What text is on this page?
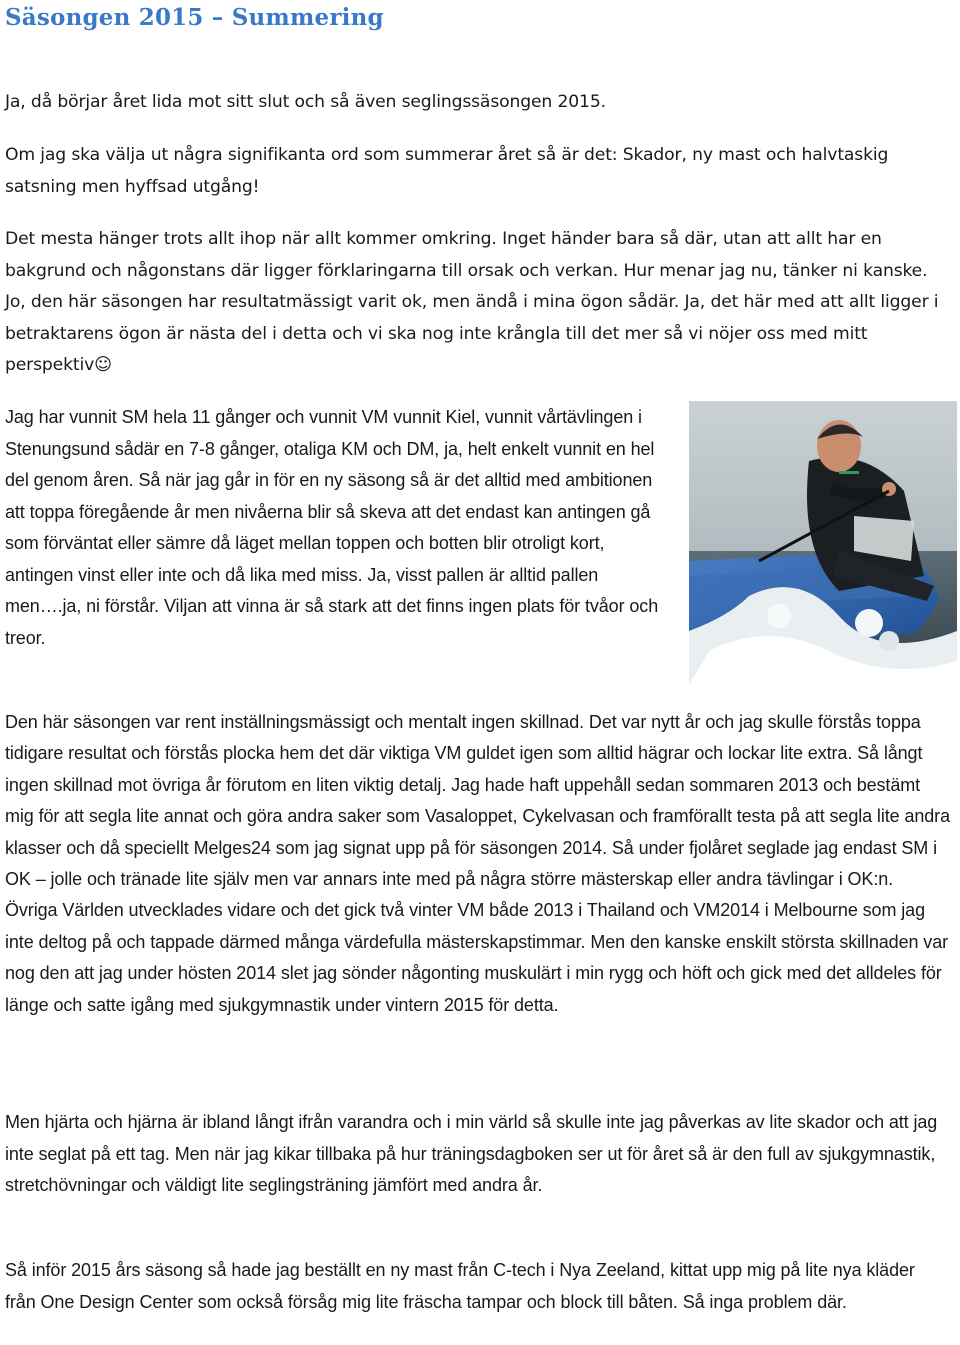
Säsongen 2015 – Summering

Ja, då börjar året lida mot sitt slut och så även seglingssäsongen 2015.

Om jag ska välja ut några signifikanta ord som summerar året så är det: Skador, ny mast och halvtaskig satsning men hyffsad utgång!

Det mesta hänger trots allt ihop när allt kommer omkring. Inget händer bara så där, utan att allt har en bakgrund och någonstans där ligger förklaringarna till orsak och verkan. Hur menar jag nu, tänker ni kanske. Jo, den här säsongen har resultatmässigt varit ok, men ändå i mina ögon sådär. Ja, det här med att allt ligger i betraktarens ögon är nästa del i detta och vi ska nog inte krångla till det mer så vi nöjer oss med mitt perspektiv☺

Jag har vunnit SM hela 11 gånger och vunnit VM vunnit Kiel, vunnit vårtävlingen i Stenungsund sådär en 7-8 gånger, otaliga KM och DM, ja, helt enkelt vunnit en hel del genom åren. Så när jag går in för en ny säsong så är det alltid med ambitionen att toppa föregående år men nivåerna blir så skeva att det endast kan antingen gå som förväntat eller sämre då läget mellan toppen och botten blir otroligt kort, antingen vinst eller inte och då lika med miss. Ja, visst pallen är alltid pallen men….ja, ni förstår. Viljan att vinna är så stark att det finns ingen plats för tvåor och treor.

Den här säsongen var rent inställningsmässigt och mentalt ingen skillnad. Det var nytt år och jag skulle förstås toppa tidigare resultat och förstås plocka hem det där viktiga VM guldet igen som alltid hägrar och lockar lite extra. Så långt ingen skillnad mot övriga år förutom en liten viktig detalj. Jag hade haft uppehåll sedan sommaren 2013 och bestämt mig för att segla lite annat och göra andra saker som Vasaloppet, Cykelvasan och framförallt testa på att segla lite andra klasser och då speciellt Melges24 som jag signat upp på för säsongen 2014. Så under fjolåret seglade jag endast SM i OK – jolle och tränade lite själv men var annars inte med på några större mästerskap eller andra tävlingar i OK:n. Övriga Världen utvecklades vidare och det gick två vinter VM både 2013 i Thailand och VM2014 i Melbourne som jag inte deltog på och tappade därmed många värdefulla mästerskapstimmar. Men den kanske enskilt största skillnaden var nog den att jag under hösten 2014 slet jag sönder någonting muskulärt i min rygg och höft och gick med det alldeles för länge och satte igång med sjukgymnastik under vintern 2015 för detta.

Men hjärta och hjärna är ibland långt ifrån varandra och i min värld så skulle inte jag påverkas av lite skador och att jag inte seglat på ett tag. Men när jag kikar tillbaka på hur träningsdagboken ser ut för året så är den full av sjukgymnastik, stretchövningar och väldigt lite seglingsträning jämfört med andra år.

Så inför 2015 års säsong så hade jag beställt en ny mast från C-tech i Nya Zeeland, kittat upp mig på lite nya kläder från One Design Center som också försåg mig lite fräscha tampar och block till båten. Så inga problem där.
